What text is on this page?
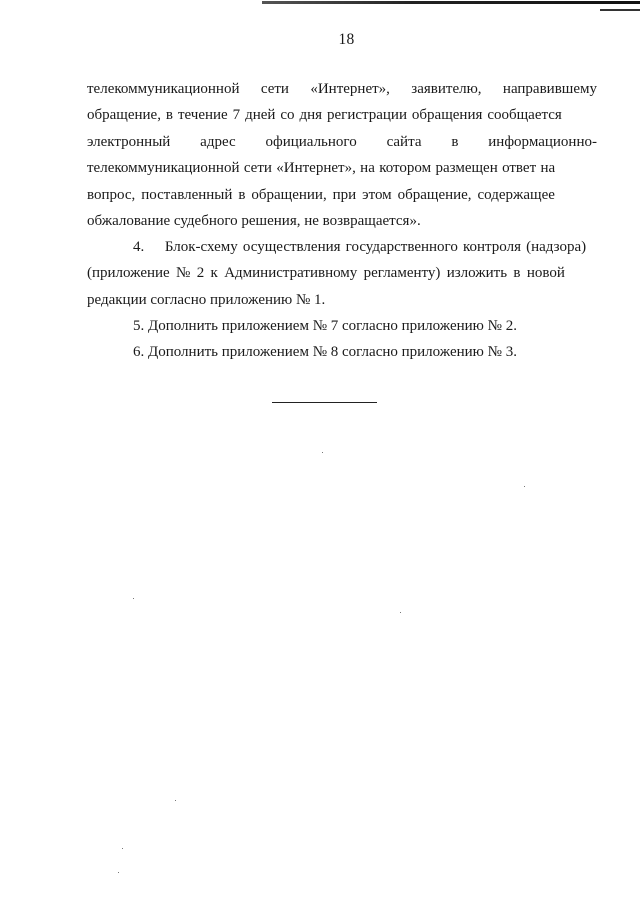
18
телекоммуникационной сети «Интернет», заявителю, направившему
обращение, в течение 7 дней со дня регистрации обращения сообщается
электронный адрес официального сайта в информационно-
телекоммуникационной сети «Интернет», на котором размещен ответ на
вопрос, поставленный в обращении, при этом обращение, содержащее
обжалование судебного решения, не возвращается».
4.    Блок-схему осуществления государственного контроля (надзора)
(приложение № 2 к Административному регламенту) изложить в новой
редакции согласно приложению № 1.
5. Дополнить приложением № 7 согласно приложению № 2.
6. Дополнить приложением № 8 согласно приложению № 3.
